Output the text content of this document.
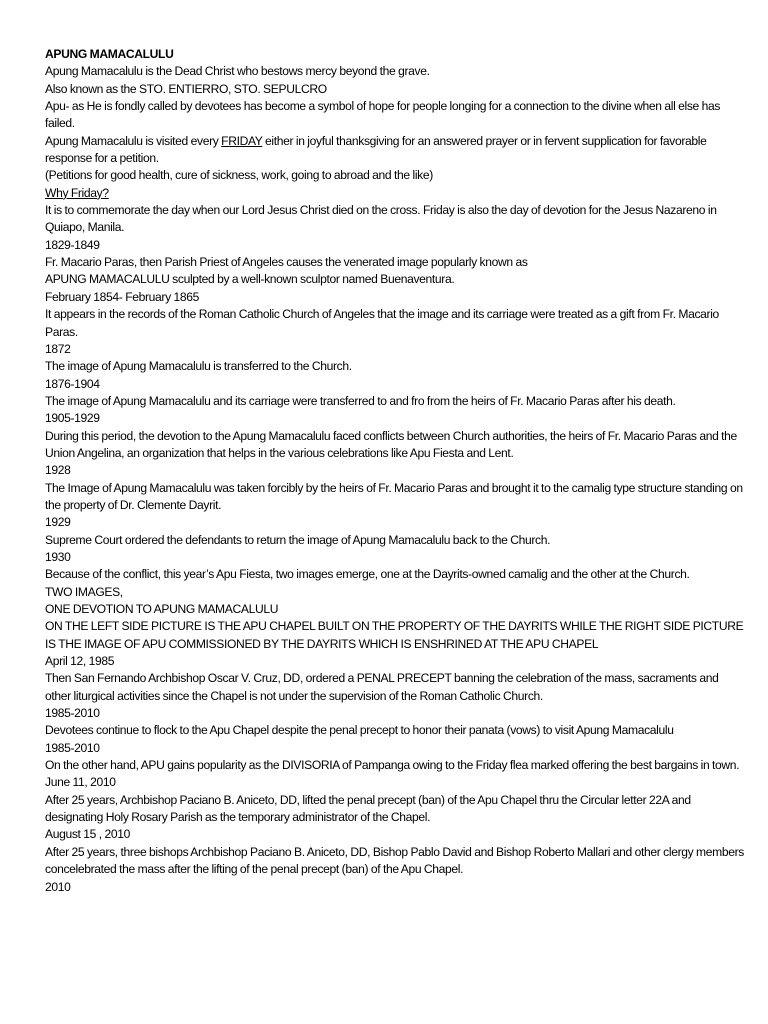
APUNG MAMACALULU

Apung Mamacalulu is the Dead Christ who bestows mercy beyond the grave.

Also known as the STO. ENTIERRO, STO. SEPULCRO

Apu- as He is fondly called by devotees has become a symbol of hope for people longing for a connection to the divine when all else has failed.

Apung Mamacalulu is visited every FRIDAY either in joyful thanksgiving for an answered prayer or in fervent supplication for favorable response for a petition.

(Petitions for good health, cure of sickness, work, going to abroad and the like)

Why Friday?

It is to commemorate the day when our Lord Jesus Christ died on the cross. Friday is also the day of devotion for the Jesus Nazareno in Quiapo, Manila.

1829-1849

Fr. Macario Paras, then Parish Priest of Angeles causes the venerated image popularly known as

APUNG MAMACALULU sculpted by a well-known sculptor named Buenaventura.

February 1854- February 1865

It appears in the records of the Roman Catholic Church of Angeles that the image and its carriage were treated as a gift from Fr. Macario Paras.

1872

The image of Apung Mamacalulu is transferred to the Church.

1876-1904

The image of Apung Mamacalulu and its carriage were transferred to and fro from the heirs of Fr. Macario Paras after his death.

1905-1929

During this period, the devotion to the Apung Mamacalulu faced conflicts between Church authorities, the heirs of Fr. Macario Paras and the Union Angelina, an organization that helps in the various celebrations like Apu Fiesta and Lent.

1928

The Image of Apung Mamacalulu was taken forcibly by the heirs of Fr. Macario Paras and brought it to the camalig type structure standing on the property of Dr. Clemente Dayrit.

1929

Supreme Court ordered the defendants to return the image of Apung Mamacalulu back to the Church.

1930

Because of the conflict, this year’s Apu Fiesta, two images emerge, one at the Dayrits-owned camalig and the other at the Church.

TWO IMAGES,

ONE DEVOTION TO APUNG MAMACALULU

ON THE LEFT SIDE PICTURE IS THE APU CHAPEL BUILT ON THE PROPERTY OF THE DAYRITS WHILE THE RIGHT SIDE PICTURE IS THE IMAGE OF APU COMMISSIONED BY THE DAYRITS WHICH IS ENSHRINED AT THE APU CHAPEL

April 12, 1985

Then San Fernando Archbishop Oscar V. Cruz, DD, ordered a PENAL PRECEPT banning the celebration of the mass, sacraments and other liturgical activities since the Chapel is not under the supervision of the Roman Catholic Church.

1985-2010

Devotees continue to flock to the Apu Chapel despite the penal precept to honor their panata (vows) to visit Apung Mamacalulu

1985-2010

On the other hand, APU gains popularity as the DIVISORIA of Pampanga owing to the Friday flea marked offering the best bargains in town.

June 11, 2010

After 25 years, Archbishop Paciano B. Aniceto, DD, lifted the penal precept (ban) of the Apu Chapel thru the Circular letter 22A and designating Holy Rosary Parish as the temporary administrator of the Chapel.

August 15 , 2010

After 25 years, three bishops Archbishop Paciano B. Aniceto, DD, Bishop Pablo David and Bishop Roberto Mallari and other clergy members concelebrated the mass after the lifting of the penal precept (ban) of the Apu Chapel.

2010
